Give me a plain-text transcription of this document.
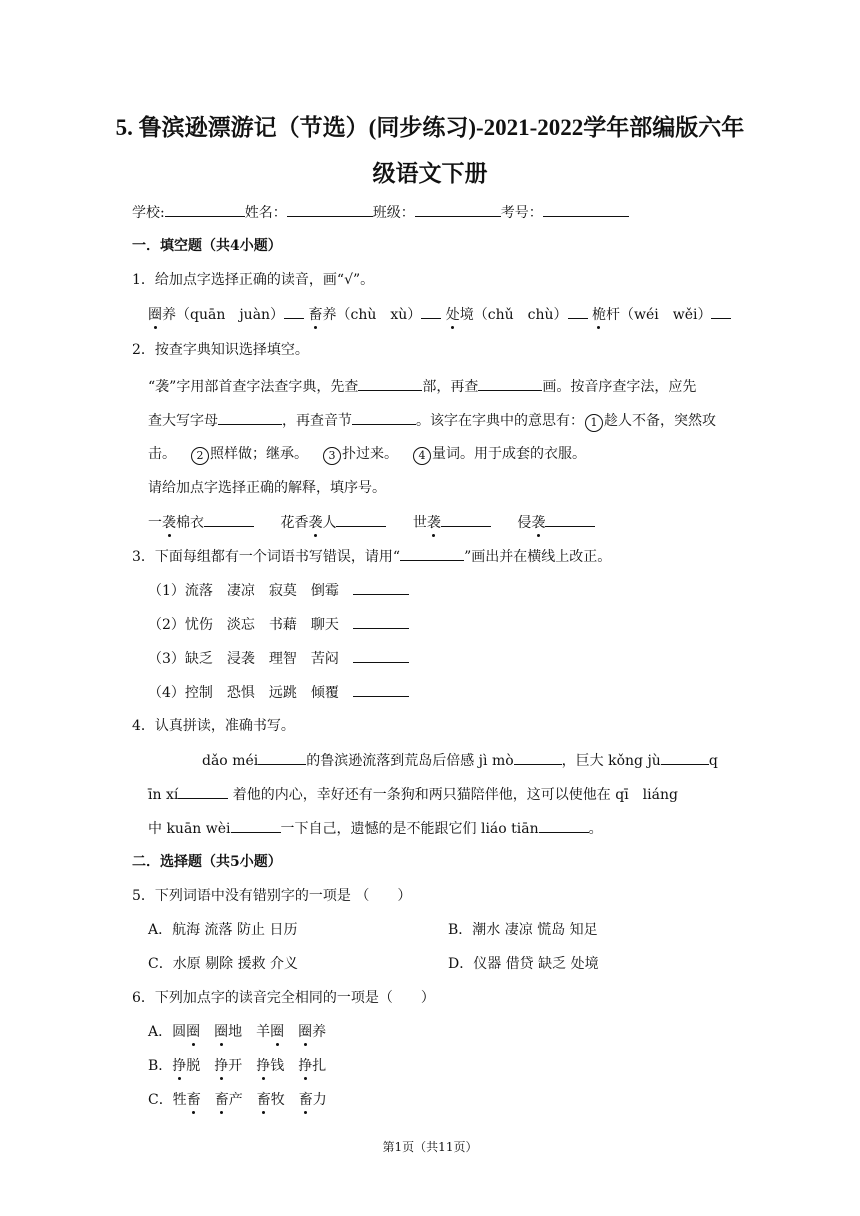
5. 鲁滨逊漂游记（节选）(同步练习)-2021-2022学年部编版六年
级语文下册
学校:	姓名：	班级：	考号：
一．填空题（共4小题）
1．给加点字选择正确的读音，画“√”。
圈养（quān　juàn） 畜养（chù　xù） 处境（chǔ　chù） 桅杆（wéi　wěi）
2．按查字典知识选择填空。
“袭”字用部首查字法查字典，先查	部，再查	画。按音序查字法，应先
查大写字母	，再查音节	。该字在字典中的意思有： 1 趁人不备，突然攻
击。 2 照样做；继承。 3 扑过来。 4 量词。用于成套的衣服。
请给加点字选择正确的解释，填序号。
一袭棉衣	花香袭人	世袭	侵袭
3．下面每组都有一个词语书写错误，请用“	”画出并在横线上改正。
（1）流落 凄凉 寂莫 倒霉
（2）忧伤 淡忘 书藉 聊天
（3）缺乏 浸袭 理智 苦闷
（4）控制 恐惧 远跳 倾覆
4．认真拼读，准确书写。
dǎo méi	的鲁滨逊流落到荒岛后倍感 jì mò	，巨大 kǒng jù	q
īn xí	着他的内心，幸好还有一条狗和两只猫陪伴他，这可以使他在 qī　liáng
中 kuān wèi	一下自己，遗憾的是不能跟它们 liáo tiān	。
二．选择题（共5小题）
5．下列词语中没有错别字的一项是 （　　）
A．航海 流落 防止 日历	B．潮水 凄凉 慌岛 知足
C．水原 剔除 援救 介义	D．仪器 借贷 缺乏 处境
6．下列加点字的读音完全相同的一项是（　　）
A．圆圈 圈地 羊圈 圈养
B．挣脱 挣开 挣钱 挣扎
C．牲畜 畜产 畜牧 畜力
第1页（共11页）
